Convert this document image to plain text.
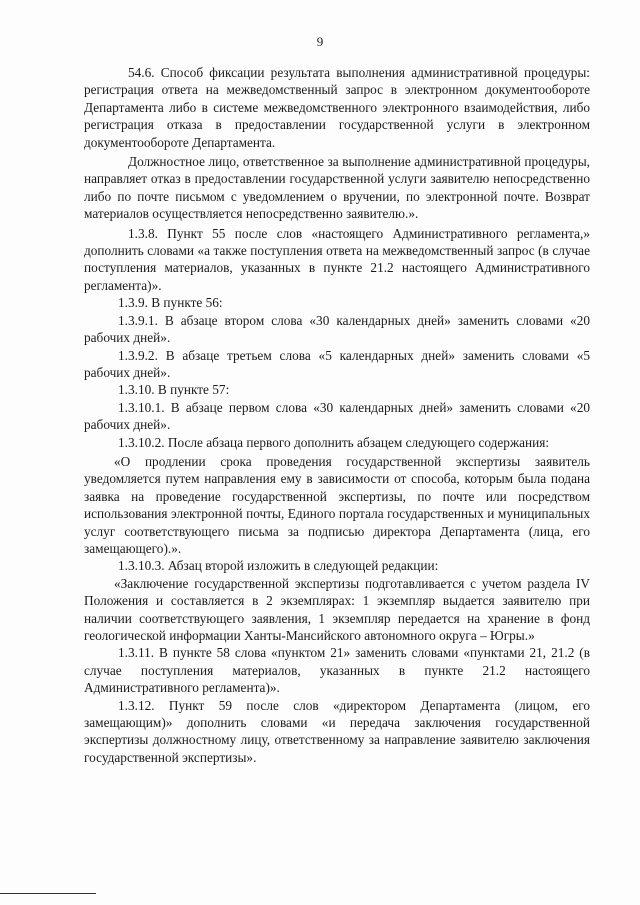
9

54.6. Способ фиксации результата выполнения административной процедуры: регистрация ответа на межведомственный запрос в электронном документообороте Департамента либо в системе межведомственного электронного взаимодействия, либо регистрация отказа в предоставлении государственной услуги в электронном документообороте Департамента.

Должностное лицо, ответственное за выполнение административной процедуры, направляет отказ в предоставлении государственной услуги заявителю непосредственно либо по почте письмом с уведомлением о вручении, по электронной почте. Возврат материалов осуществляется непосредственно заявителю.».

1.3.8. Пункт 55 после слов «настоящего Административного регламента,» дополнить словами «а также поступления ответа на межведомственный запрос (в случае поступления материалов, указанных в пункте 21.2 настоящего Административного регламента)».

1.3.9. В пункте 56:

1.3.9.1. В абзаце втором слова «30 календарных дней» заменить словами «20 рабочих дней».

1.3.9.2. В абзаце третьем слова «5 календарных дней» заменить словами «5 рабочих дней».

1.3.10. В пункте 57:

1.3.10.1. В абзаце первом слова «30 календарных дней» заменить словами «20 рабочих дней».

1.3.10.2. После абзаца первого дополнить абзацем следующего содержания:

«О продлении срока проведения государственной экспертизы заявитель уведомляется путем направления ему в зависимости от способа, которым была подана заявка на проведение государственной экспертизы, по почте или посредством использования электронной почты, Единого портала государственных и муниципальных услуг соответствующего письма за подписью директора Департамента (лица, его замещающего).».

1.3.10.3. Абзац второй изложить в следующей редакции:

«Заключение государственной экспертизы подготавливается с учетом раздела IV Положения и составляется в 2 экземплярах: 1 экземпляр выдается заявителю при наличии соответствующего заявления, 1 экземпляр передается на хранение в фонд геологической информации Ханты-Мансийского автономного округа – Югры.»

1.3.11. В пункте 58 слова «пунктом 21» заменить словами «пунктами 21, 21.2 (в случае поступления материалов, указанных в пункте 21.2 настоящего Административного регламента)».

1.3.12. Пункт 59 после слов «директором Департамента (лицом, его замещающим)» дополнить словами «и передача заключения государственной экспертизы должностному лицу, ответственному за направление заявителю заключения государственной экспертизы».
